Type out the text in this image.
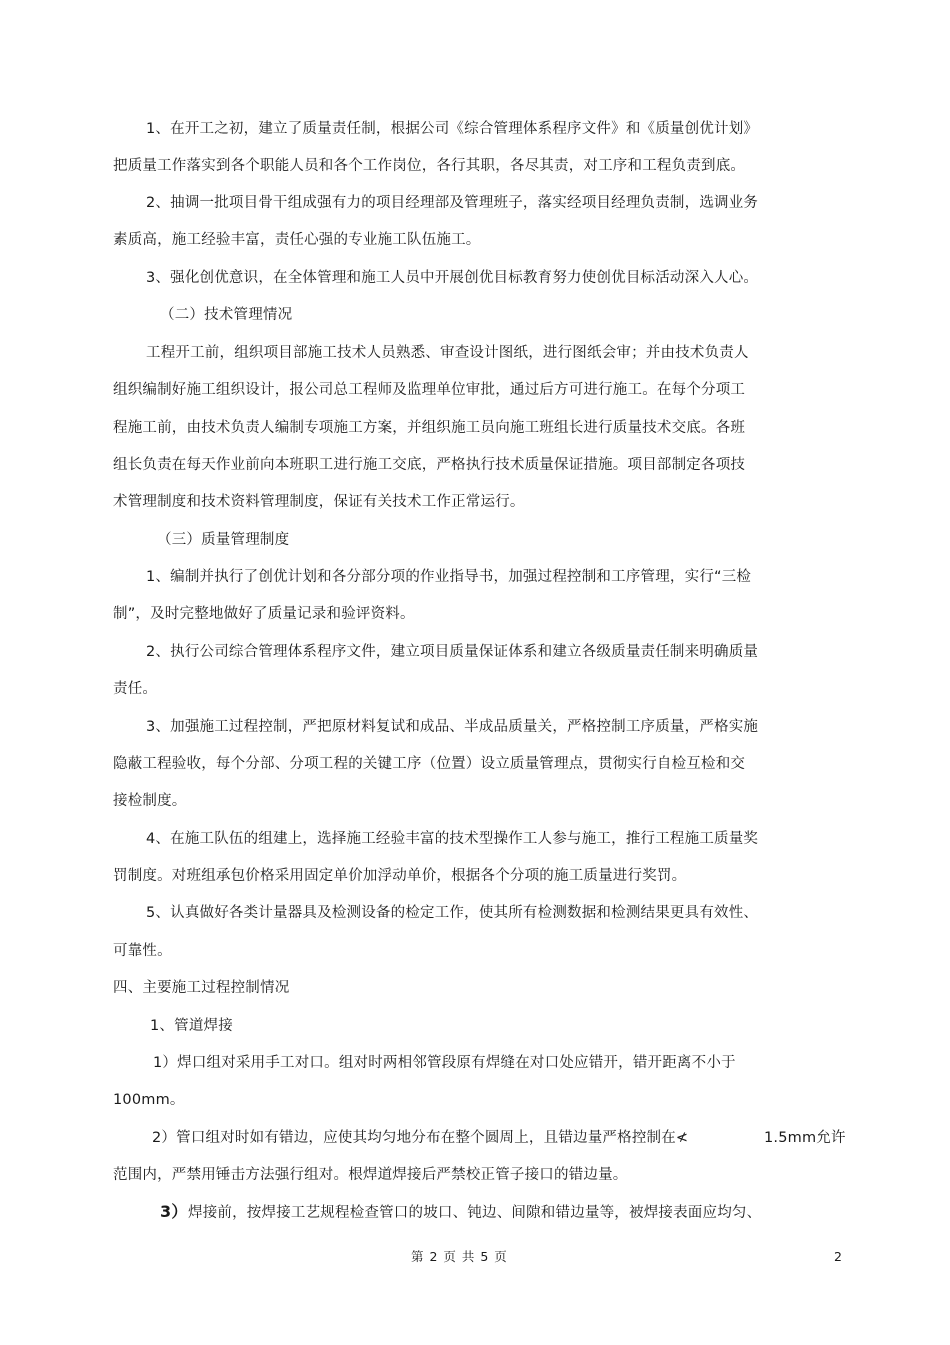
1、在开工之初，建立了质量责任制，根据公司《综合管理体系程序文件》和《质量创优计划》
把质量工作落实到各个职能人员和各个工作岗位，各行其职，各尽其责，对工序和工程负责到底。
2、抽调一批项目骨干组成强有力的项目经理部及管理班子，落实经项目经理负责制，选调业务
素质高，施工经验丰富，责任心强的专业施工队伍施工。
3、强化创优意识，在全体管理和施工人员中开展创优目标教育努力使创优目标活动深入人心。
（二）技术管理情况
工程开工前，组织项目部施工技术人员熟悉、审查设计图纸，进行图纸会审；并由技术负责人
组织编制好施工组织设计，报公司总工程师及监理单位审批，通过后方可进行施工。在每个分项工
程施工前，由技术负责人编制专项施工方案，并组织施工员向施工班组长进行质量技术交底。各班
组长负责在每天作业前向本班职工进行施工交底，严格执行技术质量保证措施。项目部制定各项技
术管理制度和技术资料管理制度，保证有关技术工作正常运行。
（三）质量管理制度
1、编制并执行了创优计划和各分部分项的作业指导书，加强过程控制和工序管理，实行“三检
制”，及时完整地做好了质量记录和验评资料。
2、执行公司综合管理体系程序文件，建立项目质量保证体系和建立各级质量责任制来明确质量
责任。
3、加强施工过程控制，严把原材料复试和成品、半成品质量关，严格控制工序质量，严格实施
隐蔽工程验收，每个分部、分项工程的关键工序（位置）设立质量管理点，贯彻实行自检互检和交
接检制度。
4、在施工队伍的组建上，选择施工经验丰富的技术型操作工人参与施工，推行工程施工质量奖
罚制度。对班组承包价格采用固定单价加浮动单价，根据各个分项的施工质量进行奖罚。
5、认真做好各类计量器具及检测设备的检定工作，使其所有检测数据和检测结果更具有效性、
可靠性。
四、主要施工过程控制情况
1、管道焊接
1）焊口组对采用手工对口。组对时两相邻管段原有焊缝在对口处应错开，错开距离不小于
100mm。
2）管口组对时如有错边，应使其均匀地分布在整个圆周上，且错边量严格控制在≮	1.5mm允许
范围内，严禁用锤击方法强行组对。根焊道焊接后严禁校正管子接口的错边量。
3） 焊接前，按焊接工艺规程检查管口的坡口、钝边、间隙和错边量等，被焊接表面应均匀、
第 2 页 共 5 页	2
